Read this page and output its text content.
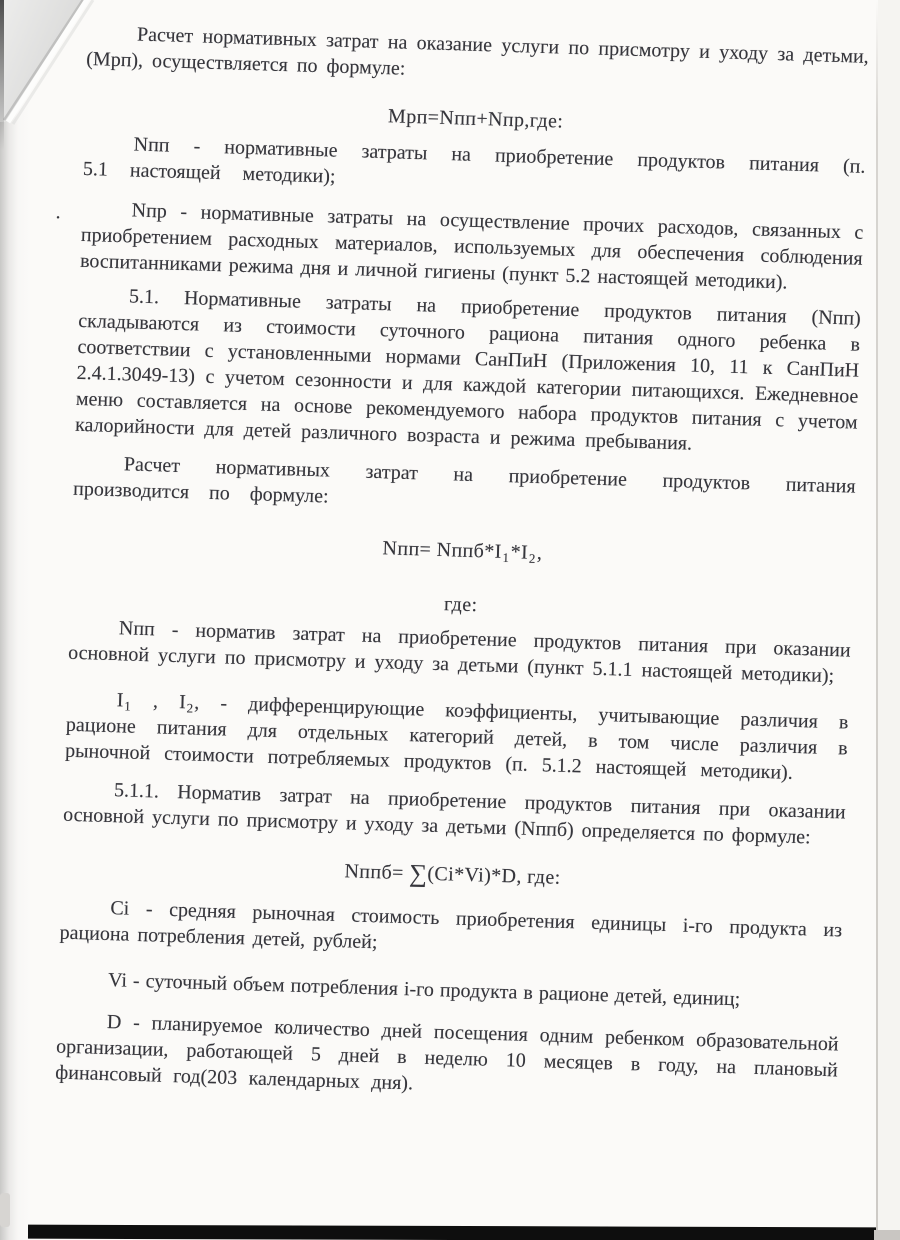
Расчет нормативных затрат на оказание услуги по присмотру и уходу за детьми, (Мрп), осуществляется по формуле:

Мрп=Nпп+Nпр,где:

Nпп - нормативные затраты на приобретение продуктов питания (п. 5.1 настоящей методики);

.	Nпр - нормативные затраты на осуществление прочих расходов, связанных с приобретением расходных материалов, используемых для обеспечения соблюдения воспитанниками режима дня и личной гигиены (пункт 5.2 настоящей методики).

5.1. Нормативные затраты на приобретение продуктов питания (Nпп) складываются из стоимости суточного рациона питания одного ребенка в соответствии с установленными нормами СанПиН (Приложения 10, 11 к СанПиН 2.4.1.3049-13) с учетом сезонности и для каждой категории питающихся. Ежедневное меню составляется на основе рекомендуемого набора продуктов питания с учетом калорийности для детей различного возраста и режима пребывания.

Расчет нормативных затрат на приобретение продуктов питания производится по формуле:

$Nпп= Nппб*I_1*I_2$,
где:

Nпп - норматив затрат на приобретение продуктов питания при оказании основной услуги по присмотру и уходу за детьми (пункт 5.1.1 настоящей методики);

$I_1$ , $I_2$, - дифференцирующие коэффициенты, учитывающие различия в рационе питания для отдельных категорий детей, в том числе различия в рыночной стоимости потребляемых продуктов (п. 5.1.2 настоящей методики).

5.1.1. Норматив затрат на приобретение продуктов питания при оказании основной услуги по присмотру и уходу за детьми (Nппб) определяется по формуле:

Nппб= ∑(Ci*Vi)*D, где:

Ci - средняя рыночная стоимость приобретения единицы i-го продукта из рациона потребления детей, рублей;

Vi - суточный объем потребления i-го продукта в рационе детей, единиц;

D - планируемое количество дней посещения одним ребенком образовательной организации, работающей 5 дней в неделю 10 месяцев в году, на плановый финансовый год(203 календарных дня).
